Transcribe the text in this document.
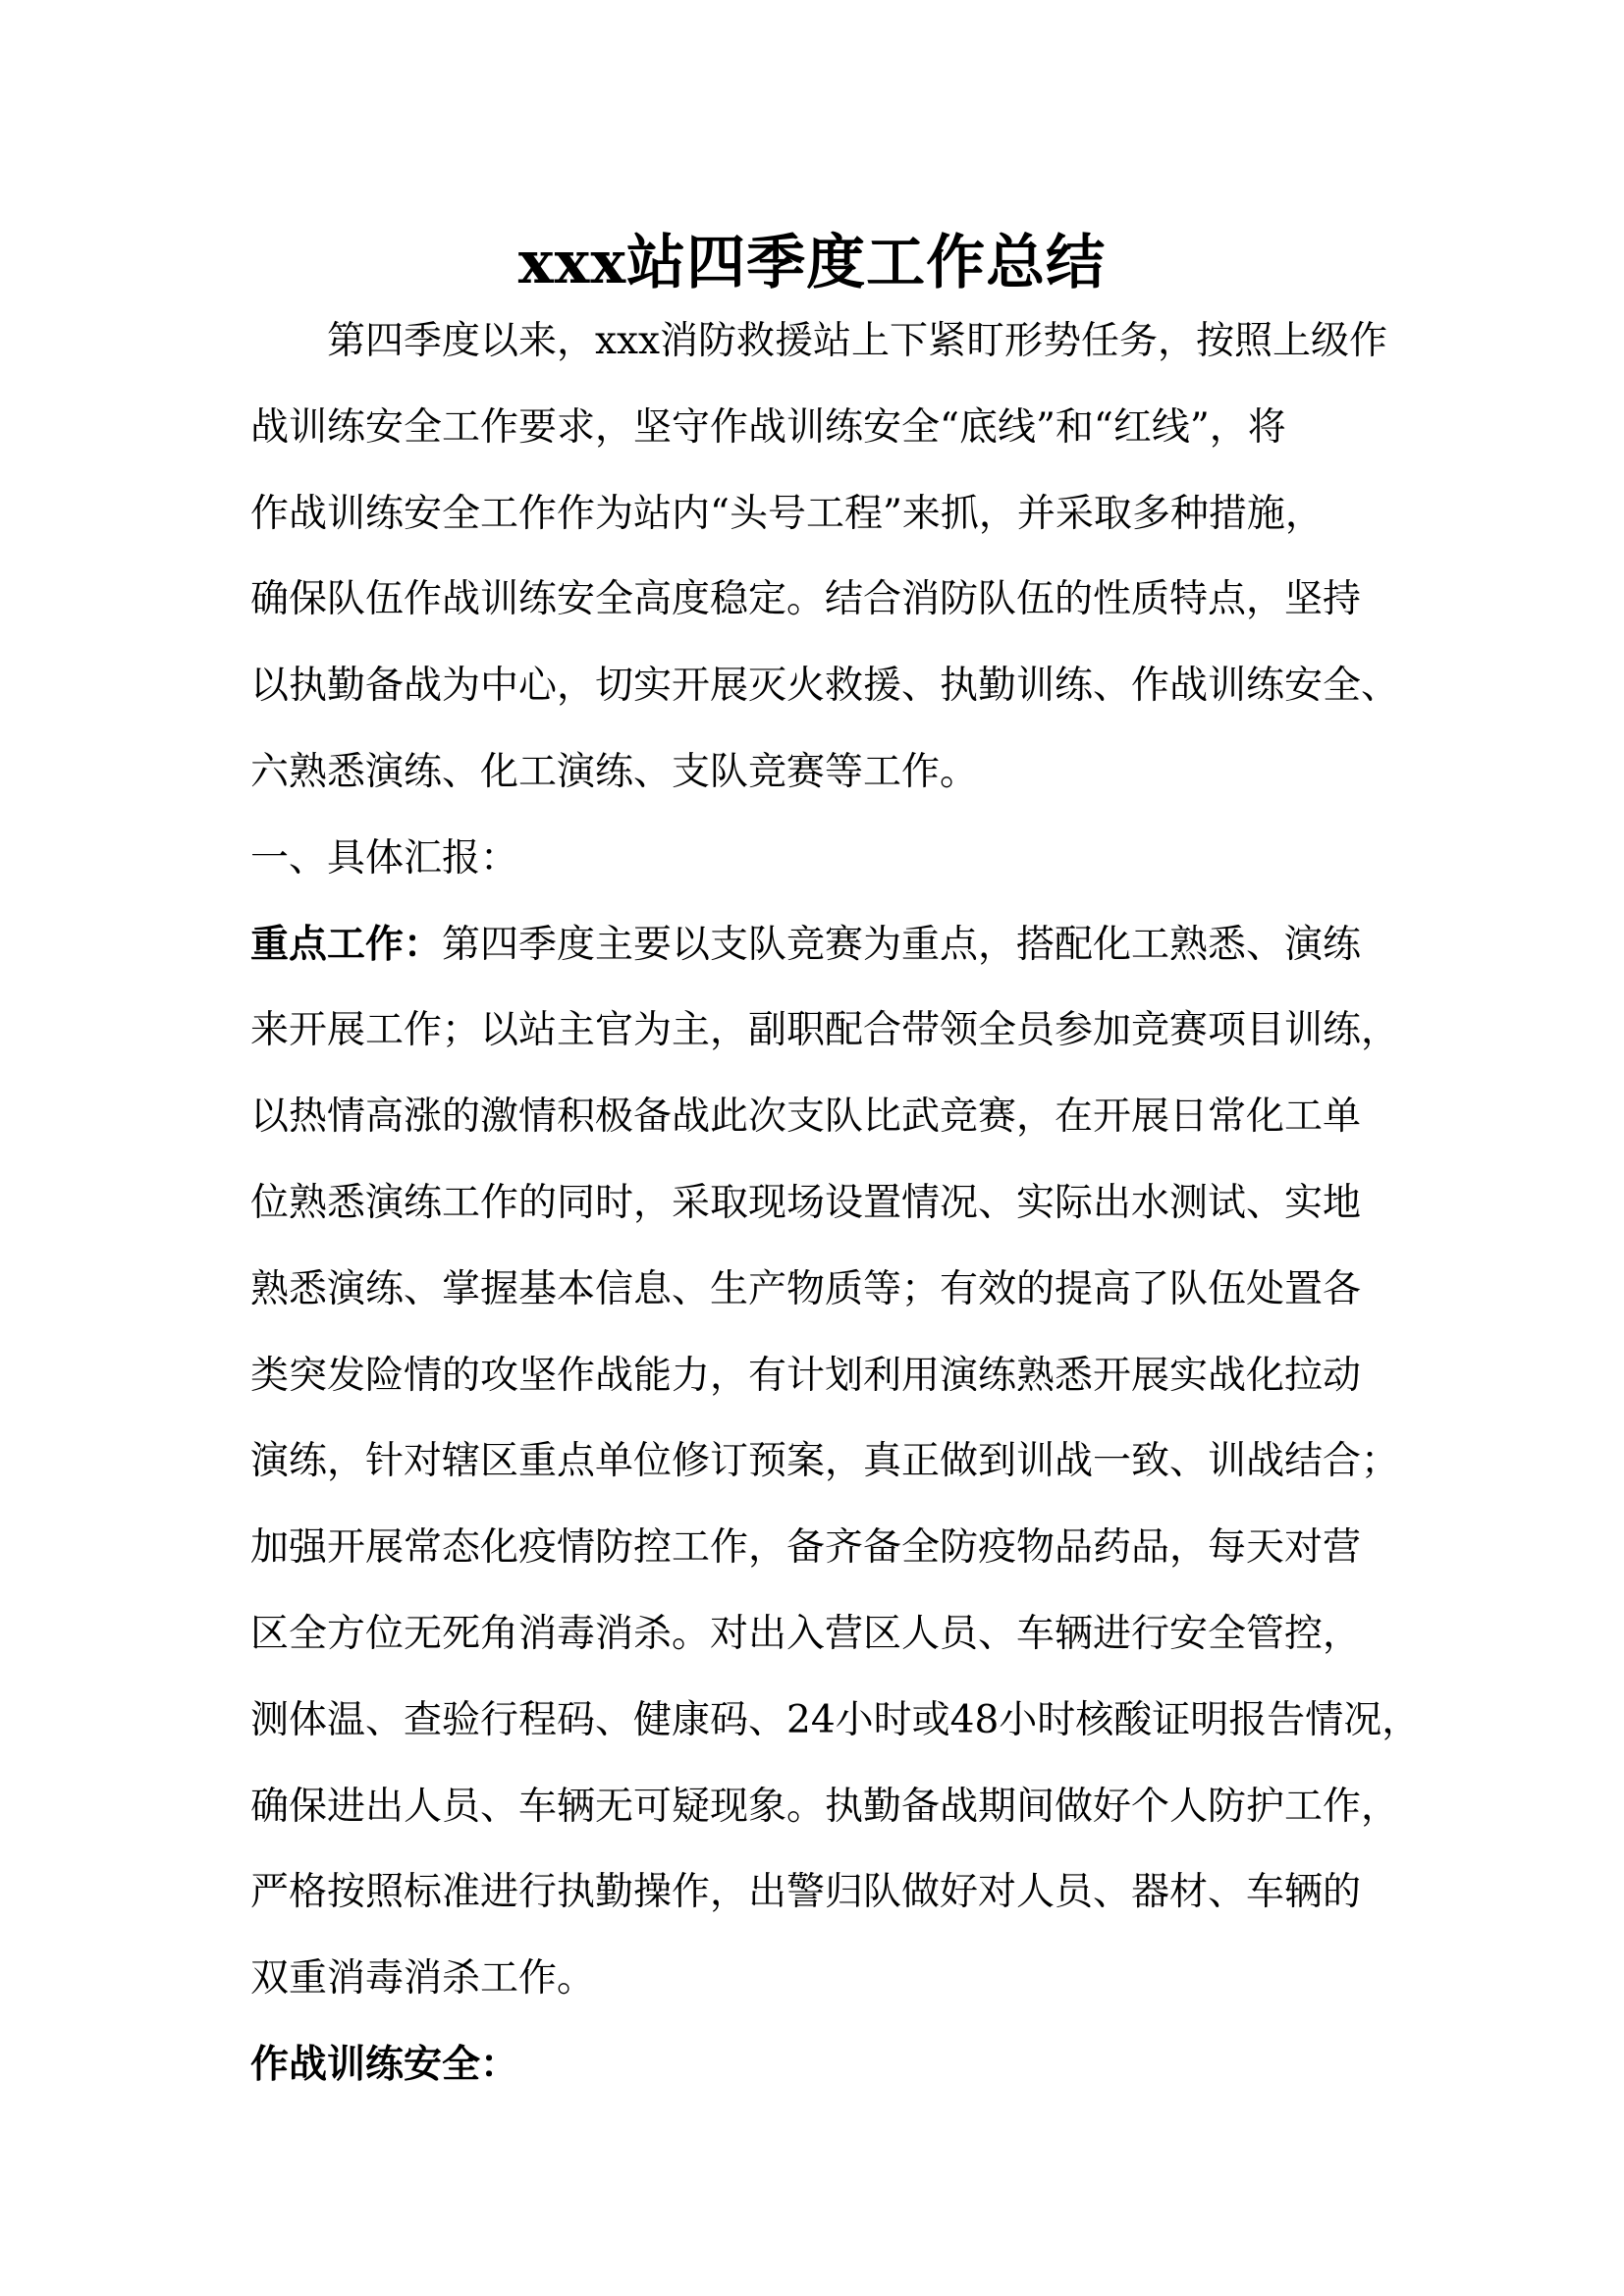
xxx站四季度工作总结
第四季度以来，xxx消防救援站上下紧盯形势任务，按照上级作
战训练安全工作要求，坚守作战训练安全“底线”和“红线”，将
作战训练安全工作作为站内“头号工程”来抓，并采取多种措施，
确保队伍作战训练安全高度稳定。结合消防队伍的性质特点，坚持
以执勤备战为中心，切实开展灭火救援、执勤训练、作战训练安全、
六熟悉演练、化工演练、支队竞赛等工作。
一、具体汇报：
重点工作：第四季度主要以支队竞赛为重点，搭配化工熟悉、演练
来开展工作；以站主官为主，副职配合带领全员参加竞赛项目训练，
以热情高涨的激情积极备战此次支队比武竞赛，在开展日常化工单
位熟悉演练工作的同时，采取现场设置情况、实际出水测试、实地
熟悉演练、掌握基本信息、生产物质等；有效的提高了队伍处置各
类突发险情的攻坚作战能力，有计划利用演练熟悉开展实战化拉动
演练，针对辖区重点单位修订预案，真正做到训战一致、训战结合；
加强开展常态化疫情防控工作，备齐备全防疫物品药品，每天对营
区全方位无死角消毒消杀。对出入营区人员、车辆进行安全管控，
测体温、查验行程码、健康码、24小时或48小时核酸证明报告情况，
确保进出人员、车辆无可疑现象。执勤备战期间做好个人防护工作，
严格按照标准进行执勤操作，出警归队做好对人员、器材、车辆的
双重消毒消杀工作。
作战训练安全：
